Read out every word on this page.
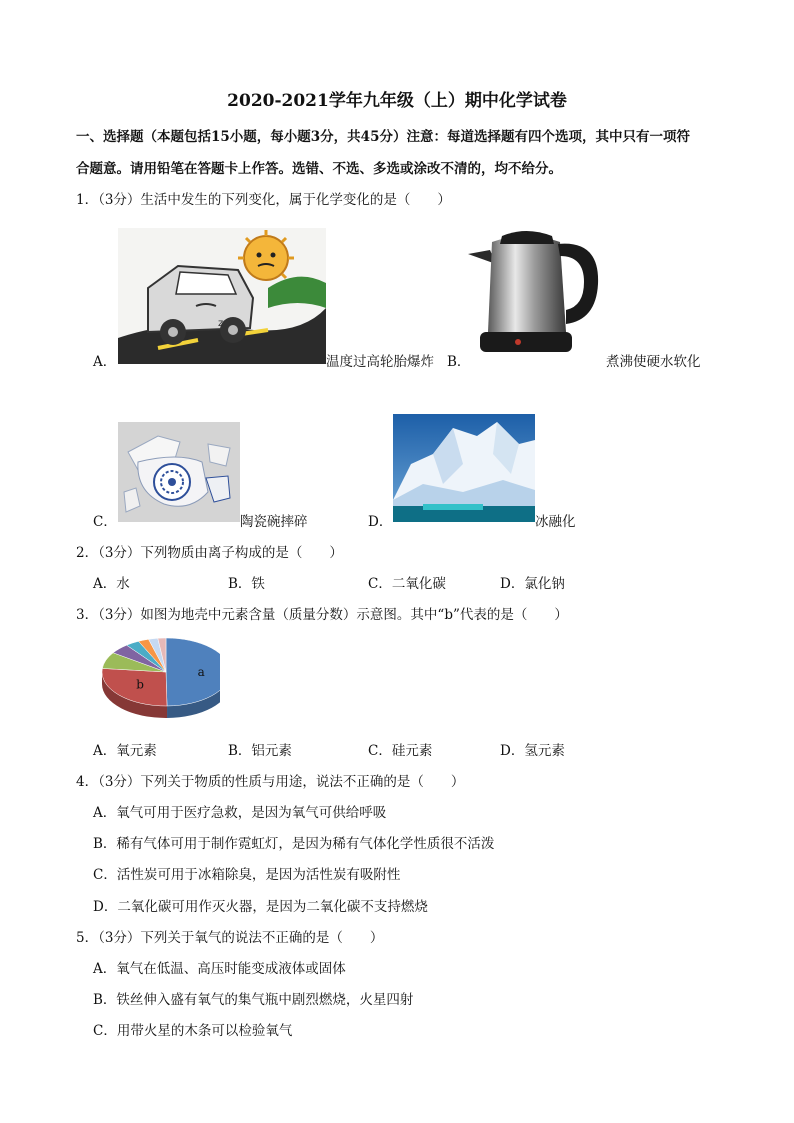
2020-2021学年九年级（上）期中化学试卷
一、选择题（本题包括15小题，每小题3分，共45分）注意：每道选择题有四个选项，其中只有一项符
合题意。请用铅笔在答题卡上作答。选错、不选、多选或涂改不清的，均不给分。
1．（3分）生活中发生的下列变化，属于化学变化的是（　　）
z
A．	温度过高轮胎爆炸 B．	煮沸使硬水软化
C．	陶瓷碗摔碎	D．	冰融化
2．（3分）下列物质由离子构成的是（　　）
A．水	B．铁	C．二氧化碳	D．氯化钠
3．（3分）如图为地壳中元素含量（质量分数）示意图。其中“b”代表的是（　　）
a
b
A．氧元素	B．铝元素	C．硅元素	D．氢元素
4．（3分）下列关于物质的性质与用途，说法不正确的是（　　）
A．氧气可用于医疗急救，是因为氧气可供给呼吸
B．稀有气体可用于制作霓虹灯，是因为稀有气体化学性质很不活泼
C．活性炭可用于冰箱除臭，是因为活性炭有吸附性
D．二氧化碳可用作灭火器，是因为二氧化碳不支持燃烧
5．（3分）下列关于氧气的说法不正确的是（　　）
A．氧气在低温、高压时能变成液体或固体
B．铁丝伸入盛有氧气的集气瓶中剧烈燃烧，火星四射
C．用带火星的木条可以检验氧气
